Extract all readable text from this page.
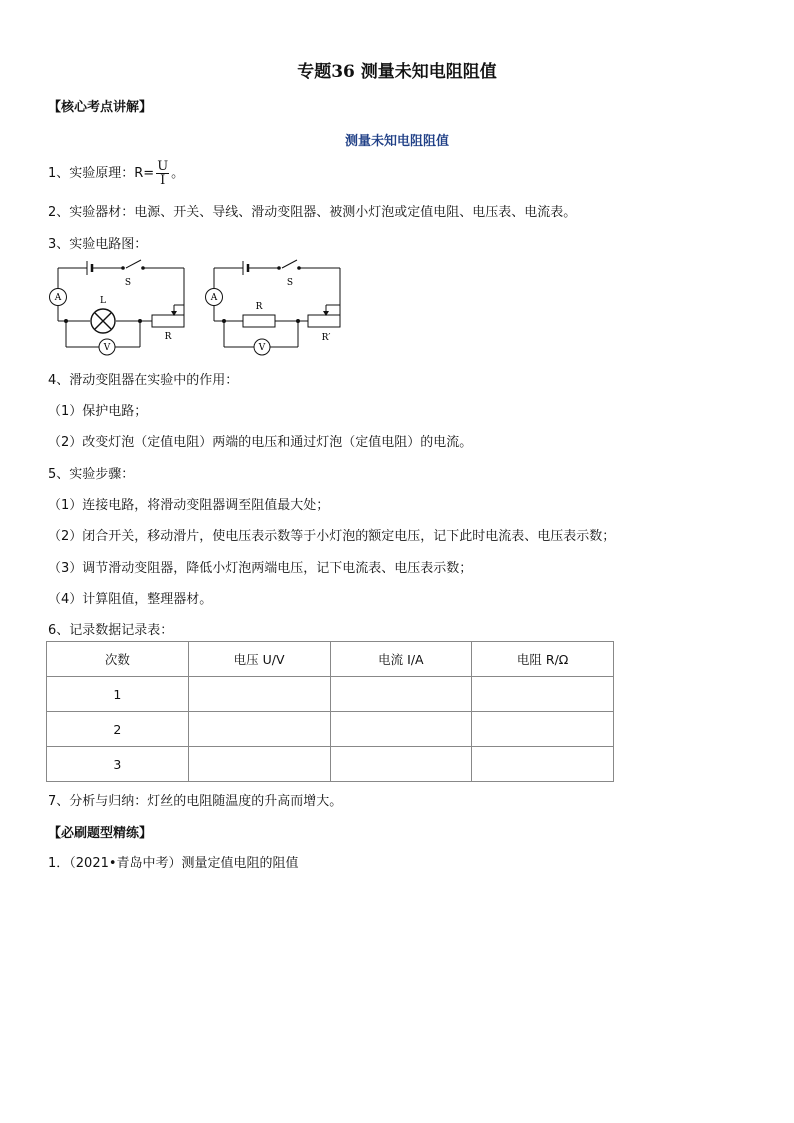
专题36 测量未知电阻阻值
【核心考点讲解】
测量未知电阻阻值
1、实验原理：$R= \frac{U}{I}$ 。
2、实验器材：电源、开关、导线、滑动变阻器、被测小灯泡或定值电阻、电压表、电流表。
3、实验电路图：
A	L
S
R
V
A
R
S
R′
V
4、滑动变阻器在实验中的作用：
（1）保护电路；
（2）改变灯泡（定值电阻）两端的电压和通过灯泡（定值电阻）的电流。
5、实验步骤：
（1）连接电路，将滑动变阻器调至阻值最大处；
（2）闭合开关，移动滑片，使电压表示数等于小灯泡的额定电压，记下此时电流表、电压表示数；
（3）调节滑动变阻器，降低小灯泡两端电压，记下电流表、电压表示数；
（4）计算阻值，整理器材。
6、记录数据记录表：
次数	电压 U/V	电流 I/A	电阻 R/Ω
1			
2			
3			
7、分析与归纳：灯丝的电阻随温度的升高而增大。
【必刷题型精练】
1．（2021•青岛中考）测量定值电阻的阻值
